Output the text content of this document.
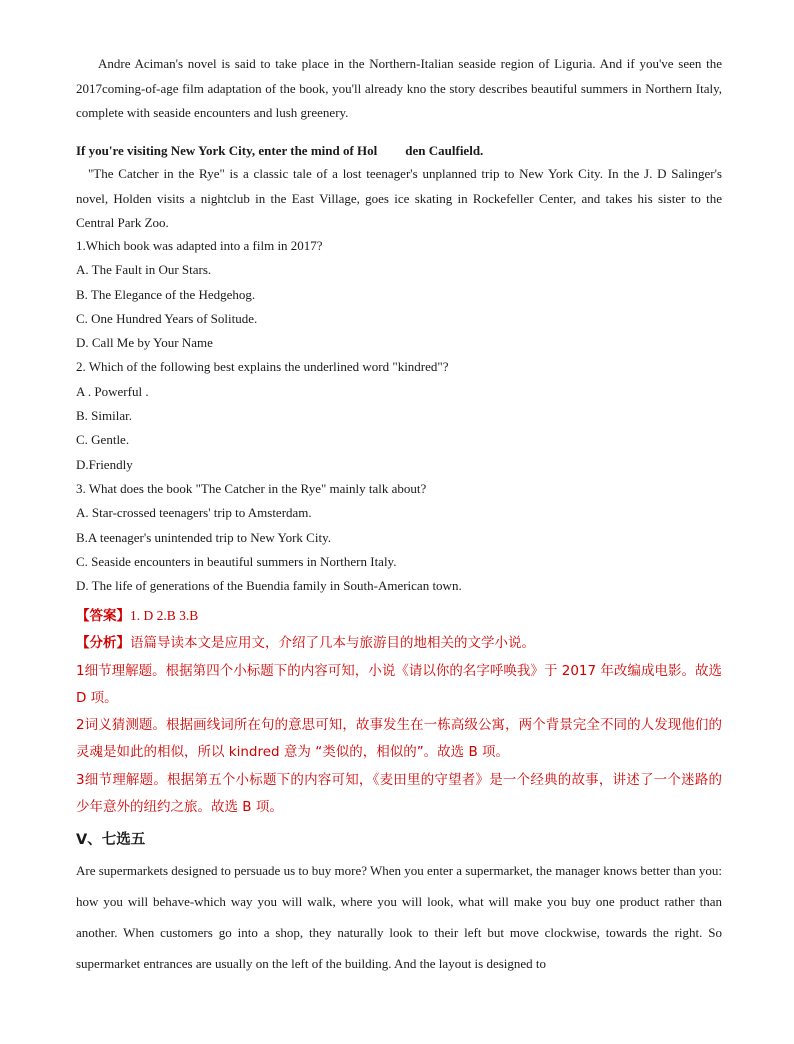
Andre Aciman's novel is said to take place in the Northern-Italian seaside region of Liguria. And if you've seen the 2017coming-of-age film adaptation of the book, you'll already kno the story describes beautiful summers in Northern Italy, complete with seaside encounters and lush greenery.

If you're visiting New York City, enter the mind of Hol den Caulfield.

"The Catcher in the Rye" is a classic tale of a lost teenager's unplanned trip to New York City. In the J. D Salinger's novel, Holden visits a nightclub in the East Village, goes ice skating in Rockefeller Center, and takes his sister to the Central Park Zoo.

1.Which book was adapted into a film in 2017?

A. The Fault in Our Stars.

B. The Elegance of the Hedgehog.

C. One Hundred Years of Solitude.

D. Call Me by Your Name

2. Which of the following best explains the underlined word "kindred"?

A . Powerful .

B. Similar.

C. Gentle.

D.Friendly

3. What does the book "The Catcher in the Rye" mainly talk about?

A. Star-crossed teenagers' trip to Amsterdam.

B.A teenager's unintended trip to New York City.

C. Seaside encounters in beautiful summers in Northern Italy.

D. The life of generations of the Buendia family in South-American town.

【答案】1. D 2.B 3.B

【分析】语篇导读本文是应用文，介绍了几本与旅游目的地相关的文学小说。

1细节理解题。根据第四个小标题下的内容可知，小说《请以你的名字呼唤我》于 2017 年改编成电影。故选 D 项。

2词义猜测题。根据画线词所在句的意思可知，故事发生在一栋高级公寓，两个背景完全不同的人发现他们的灵魂是如此的相似，所以 kindred 意为 “类似的，相似的”。故选 B 项。

3细节理解题。根据第五个小标题下的内容可知，《麦田里的守望者》是一个经典的故事，讲述了一个迷路的少年意外的纽约之旅。故选 B 项。

V、七选五

Are supermarkets designed to persuade us to buy more? When you enter a supermarket, the manager knows better than you: how you will behave-which way you will walk, where you will look, what will make you buy one product rather than another. When customers go into a shop, they naturally look to their left but move clockwise, towards the right. So supermarket entrances are usually on the left of the building. And the layout is designed to
